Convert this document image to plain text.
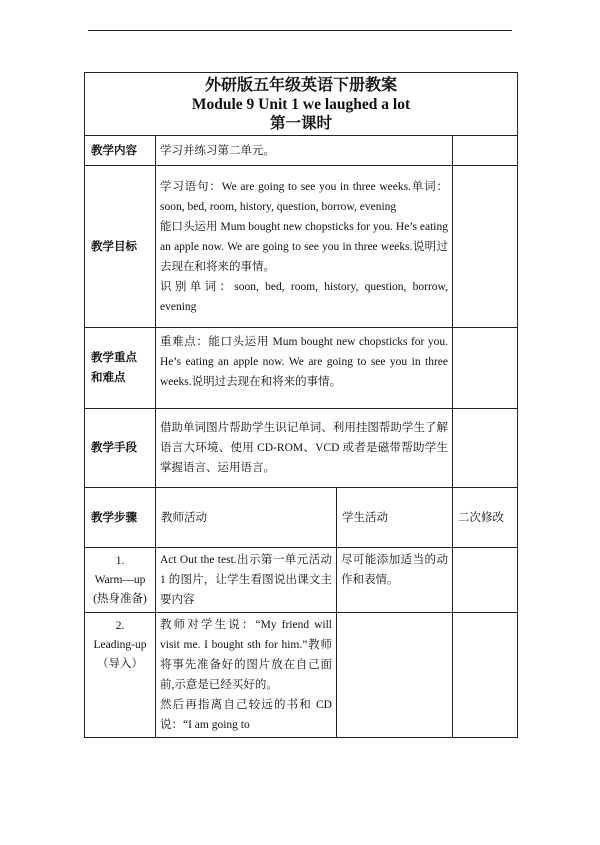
外研版五年级英语下册教案
Module 9 Unit 1 we laughed a lot
第一课时			

教学内容	学习并练习第二单元。		
教学目标	学习语句：We are going to see you in three weeks.单词：soon, bed, room, history, question, borrow, evening
能口头运用 Mum bought new chopsticks for you. He’s eating an apple now. We are going to see you in three weeks.说明过去现在和将来的事情。
识别单词：soon, bed, room, history, question, borrow, evening		

教学重点
和难点	重难点：能口头运用 Mum bought new chopsticks for you. He’s eating an apple now. We are going to see you in three weeks.说明过去现在和将来的事情。		
教学手段	借助单词图片帮助学生识记单词、利用挂图帮助学生了解语言大环境、使用 CD-ROM、VCD 或者是磁带帮助学生掌握语言、运用语言。		
教学步骤	教师活动	学生活动	二次修改

1.
Warm—up
(热身准备)	Act Out the test.出示第一单元活动 1 的图片，让学生看图说出课文主要内容	尽可能添加适当的动作和表情。	

2.
Leading-up
（导入）	教师对学生说：“My friend will visit me. I bought sth for him.”教师将事先准备好的图片放在自己面前,示意是已经买好的。
然后再指离自己较远的书和 CD 说：“I am going to		
